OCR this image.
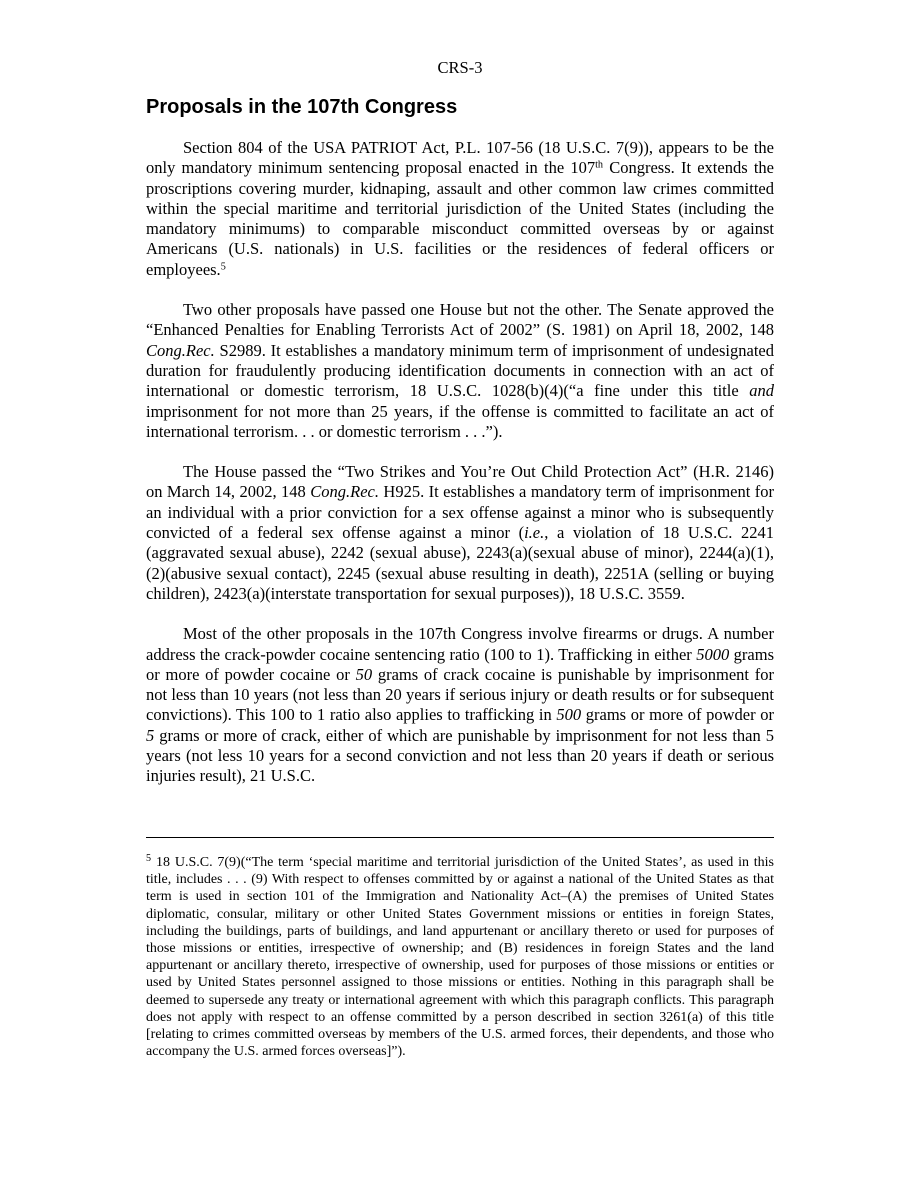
CRS-3
Proposals in the 107th Congress

Section 804 of the USA PATRIOT Act, P.L. 107-56 (18 U.S.C. 7(9)), appears to be the only mandatory minimum sentencing proposal enacted in the 107th Congress. It extends the proscriptions covering murder, kidnaping, assault and other common law crimes committed within the special maritime and territorial jurisdiction of the United States (including the mandatory minimums) to comparable misconduct committed overseas by or against Americans (U.S. nationals) in U.S. facilities or the residences of federal officers or employees.$^5$

Two other proposals have passed one House but not the other. The Senate approved the “Enhanced Penalties for Enabling Terrorists Act of 2002” (S. 1981) on April 18, 2002, 148 Cong.Rec. S2989. It establishes a mandatory minimum term of imprisonment of undesignated duration for fraudulently producing identification documents in connection with an act of international or domestic terrorism, 18 U.S.C. 1028(b)(4)(“a fine under this title and imprisonment for not more than 25 years, if the offense is committed to facilitate an act of international terrorism. . . or domestic terrorism . . .”).

The House passed the “Two Strikes and You’re Out Child Protection Act” (H.R. 2146) on March 14, 2002, 148 Cong.Rec. H925. It establishes a mandatory term of imprisonment for an individual with a prior conviction for a sex offense against a minor who is subsequently convicted of a federal sex offense against a minor (i.e., a violation of 18 U.S.C. 2241 (aggravated sexual abuse), 2242 (sexual abuse), 2243(a)(sexual abuse of minor), 2244(a)(1), (2)(abusive sexual contact), 2245 (sexual abuse resulting in death), 2251A (selling or buying children), 2423(a)(interstate transportation for sexual purposes)), 18 U.S.C. 3559.

Most of the other proposals in the 107th Congress involve firearms or drugs. A number address the crack-powder cocaine sentencing ratio (100 to 1). Trafficking in either 5000 grams or more of powder cocaine or 50 grams of crack cocaine is punishable by imprisonment for not less than 10 years (not less than 20 years if serious injury or death results or for subsequent convictions). This 100 to 1 ratio also applies to trafficking in 500 grams or more of powder or 5 grams or more of crack, either of which are punishable by imprisonment for not less than 5 years (not less 10 years for a second conviction and not less than 20 years if death or serious injuries result), 21 U.S.C.

$^5$ 18 U.S.C. 7(9)(“The term ‘special maritime and territorial jurisdiction of the United States’, as used in this title, includes . . . (9) With respect to offenses committed by or against a national of the United States as that term is used in section 101 of the Immigration and Nationality Act–(A) the premises of United States diplomatic, consular, military or other United States Government missions or entities in foreign States, including the buildings, parts of buildings, and land appurtenant or ancillary thereto or used for purposes of those missions or entities, irrespective of ownership; and (B) residences in foreign States and the land appurtenant or ancillary thereto, irrespective of ownership, used for purposes of those missions or entities or used by United States personnel assigned to those missions or entities. Nothing in this paragraph shall be deemed to supersede any treaty or international agreement with which this paragraph conflicts. This paragraph does not apply with respect to an offense committed by a person described in section 3261(a) of this title [relating to crimes committed overseas by members of the U.S. armed forces, their dependents, and those who accompany the U.S. armed forces overseas]”).
